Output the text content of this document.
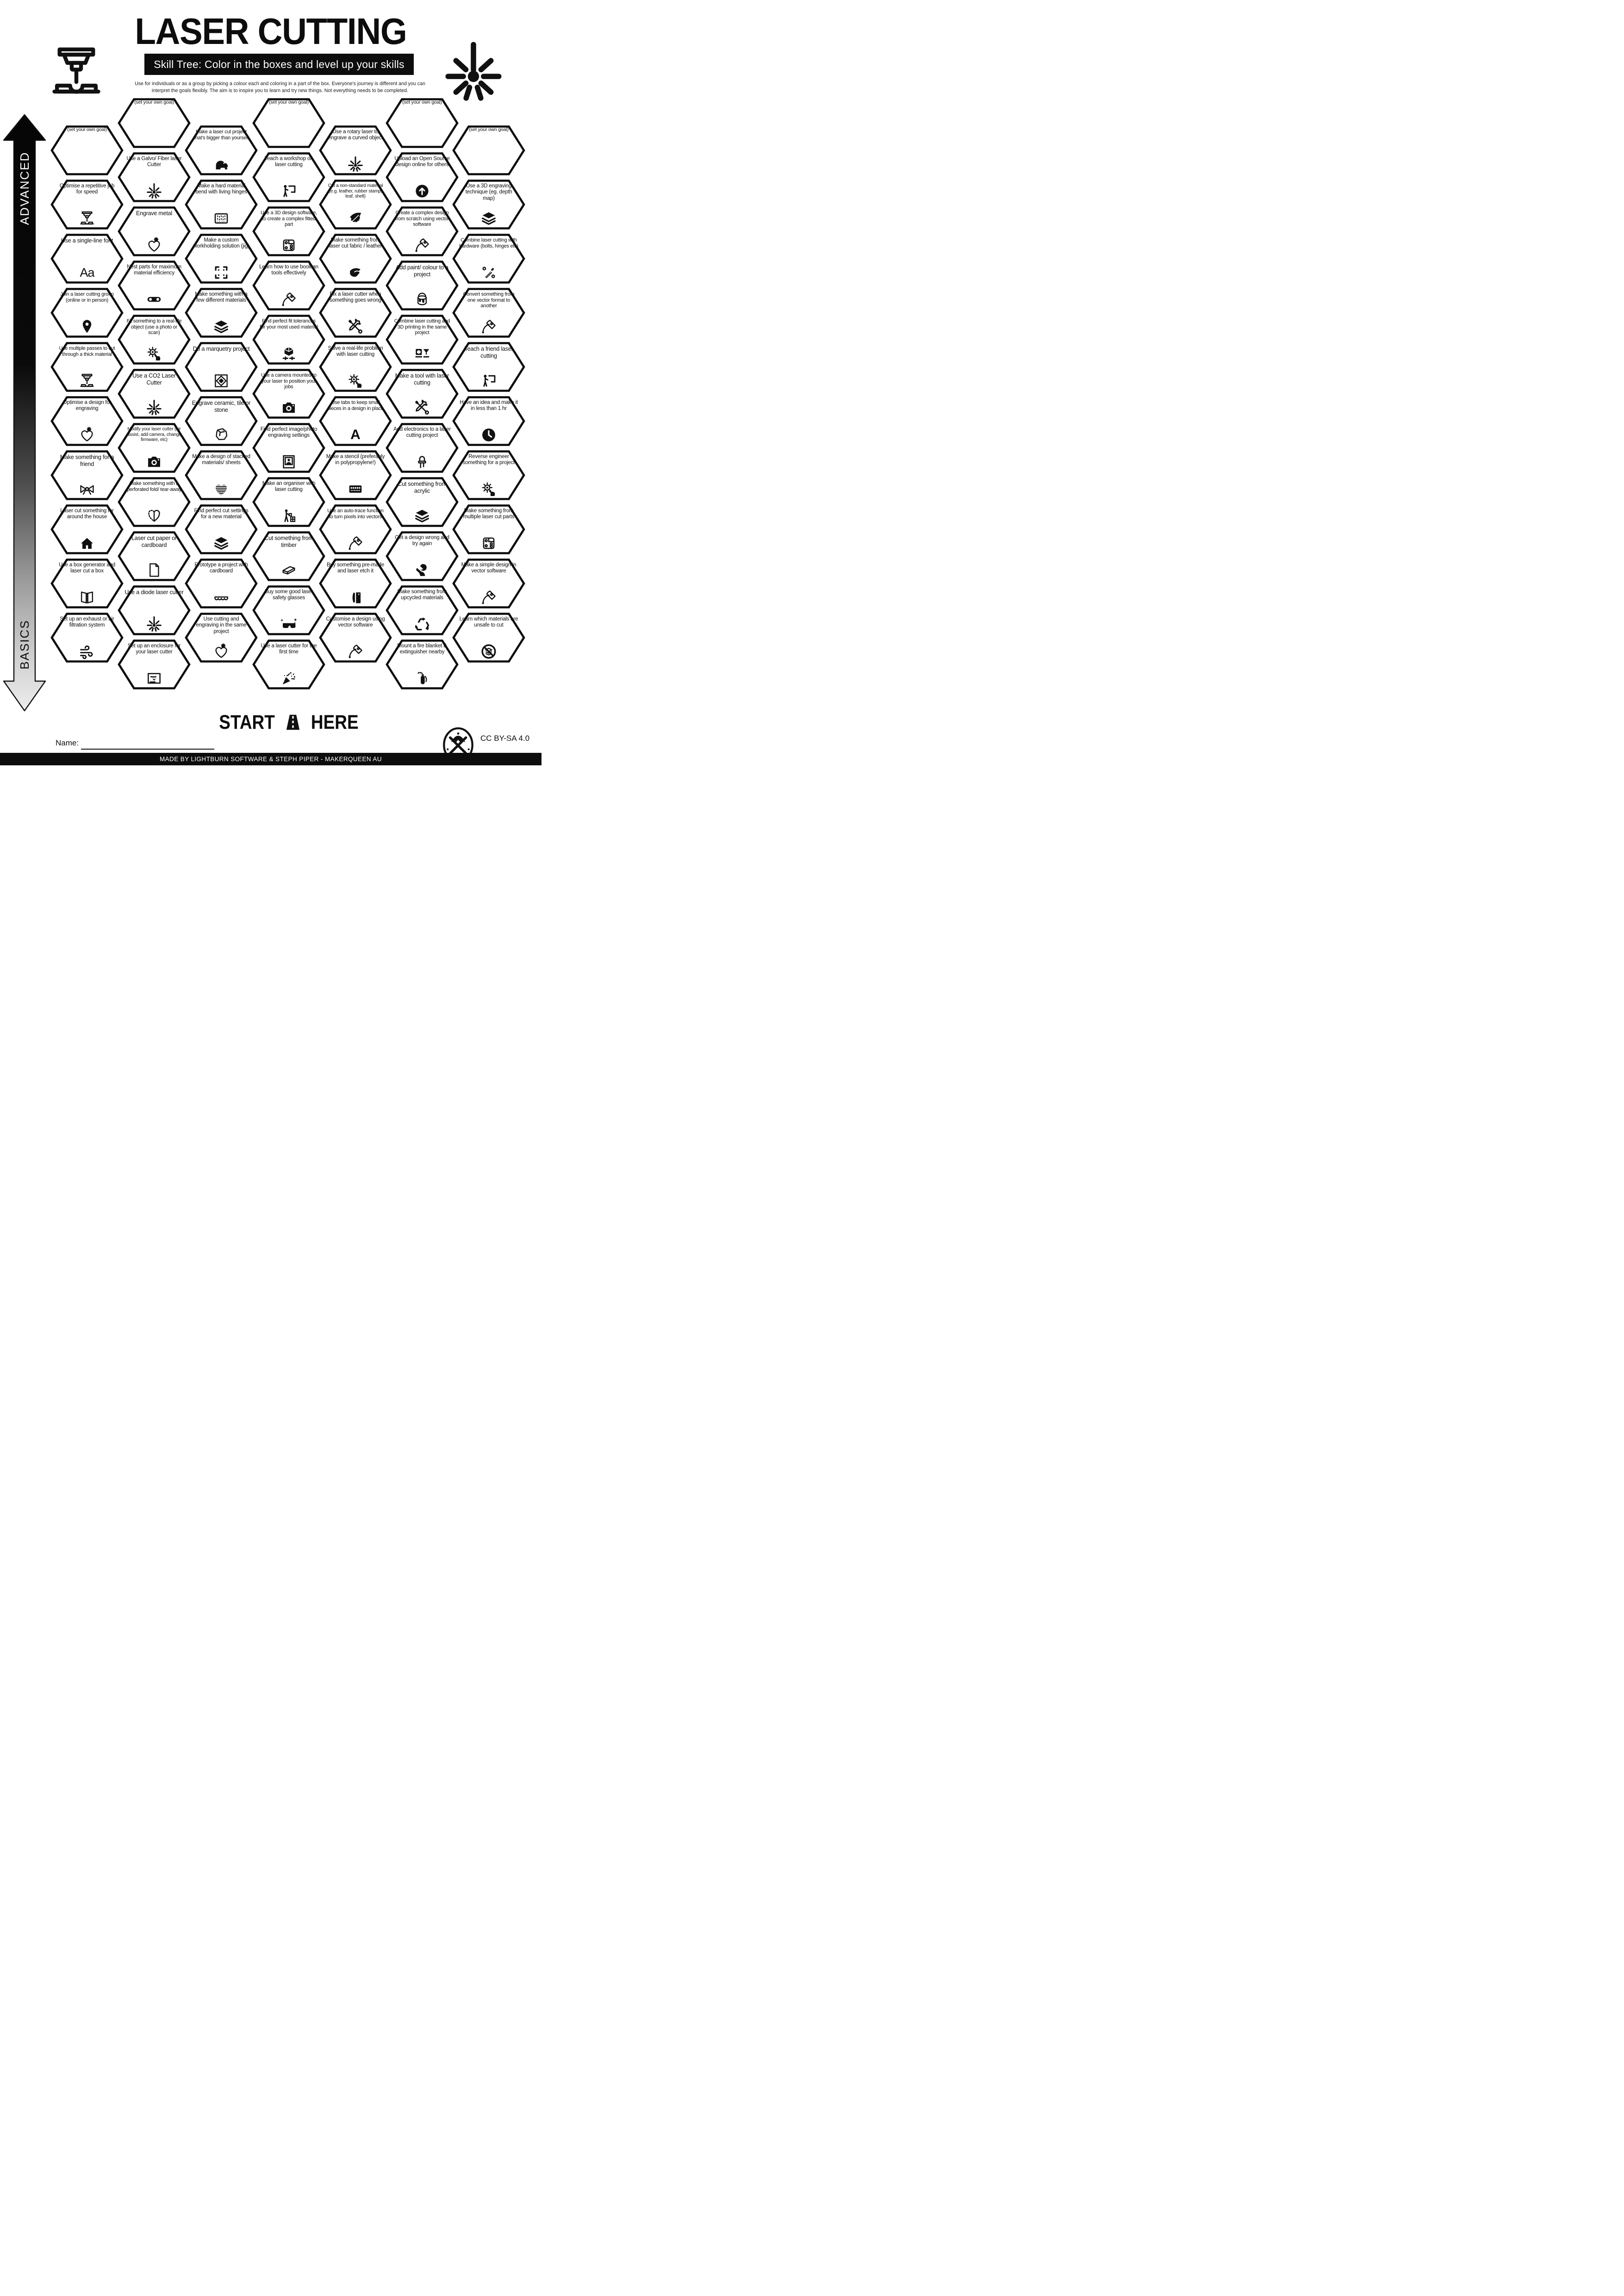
LASER CUTTING
Skill Tree: Color in the boxes and level up your skills
Use for individuals or as a group by picking a colour each and coloring in a part of the box. Everyone's journey is different and you can
interpret the goals flexibly. The aim is to inspire you to learn and try new things. Not everything needs to be completed.
ADVANCED
BASICS
(set your own goal)
Optimise a repetitive job for speed
Use a single-line font
Aa
Join a laser cutting group (online or in person)
Use multiple passes to cut through a thick material
Optimise a design for engraving
Make something for a friend
Laser cut something for around the house
Use a box generator and laser cut a box
Set up an exhaust or air filtration system
(set your own goal)
Use a Galvo/ Fiber laser Cutter
Engrave metal
Nest parts for maximum material efficiency
Fit something to a real-life object (use a photo or scan)
Use a CO2 Laser Cutter
Modify your laser cutter (air assist, add camera, change firmware, etc)
Make something with a perforated fold/ tear-away
Laser cut paper or cardboard
Use a diode laser cutter
Set up an enclosure for your laser cutter
Make a laser cut project that's bigger than yourself
Make a hard material bend with living hinges
Make a custom workholding solution (jig)
Make something with a few different materials
Do a marquetry project
Engrave ceramic, tile or stone
Make a design of stacked materials/ sheets
Find perfect cut settings for a new material
Prototype a project with cardboard
Use cutting and engraving in the same project
(set your own goal)
Teach a workshop on laser cutting
Use a 3D design software, to create a complex fitted part
Learn how to use boolean tools effectively
Find perfect fit tolerances for your most used material
Use a camera mounted to your laser to position your jobs
Find perfect image/photo engraving settings
Make an organiser with laser cutting
Cut something from timber
Buy some good laser safety glasses
Use a laser cutter for the first time
Use a rotary laser to engrave a curved object
Cut a non-standard material (e.g. leather, rubber stamp, leaf, shell)
Make something from laser cut fabric / leather
Fix a laser cutter when something goes wrong
Solve a real-life problem with laser cutting
Use tabs to keep small pieces in a design in place
A
Make a stencil (preferably in polypropylene!)
Use an auto-trace function to turn pixels into vectors
Buy something pre-made and laser etch it
Customise a design using vector software
(set your own goal)
Upload an Open Source design online for others
Create a complex design from scratch using vector software
Add paint/ colour to a project
Combine laser cutting and 3D printing in the same project
Make a tool with laser cutting
Add electronics to a laser cutting project
Cut something from acrylic
Get a design wrong and try again
Make something from upcycled materials
Mount a fire blanket & extinguisher nearby
(set your own goal)
Use a 3D engraving technique (eg. depth map)
Combine laser cutting with hardware (bolts, hinges etc)
Convert something from one vector format to another
Teach a friend laser cutting
Have an idea and make it in less than 1 hr
Reverse engineer something for a project
Make something from multiple laser cut parts
Make a simple design in vector software
Learn which materials are unsafe to cut
START HERE
Name:
CC BY-SA 4.0
MADE BY LIGHTBURN SOFTWARE & STEPH PIPER - MAKERQUEEN AU
